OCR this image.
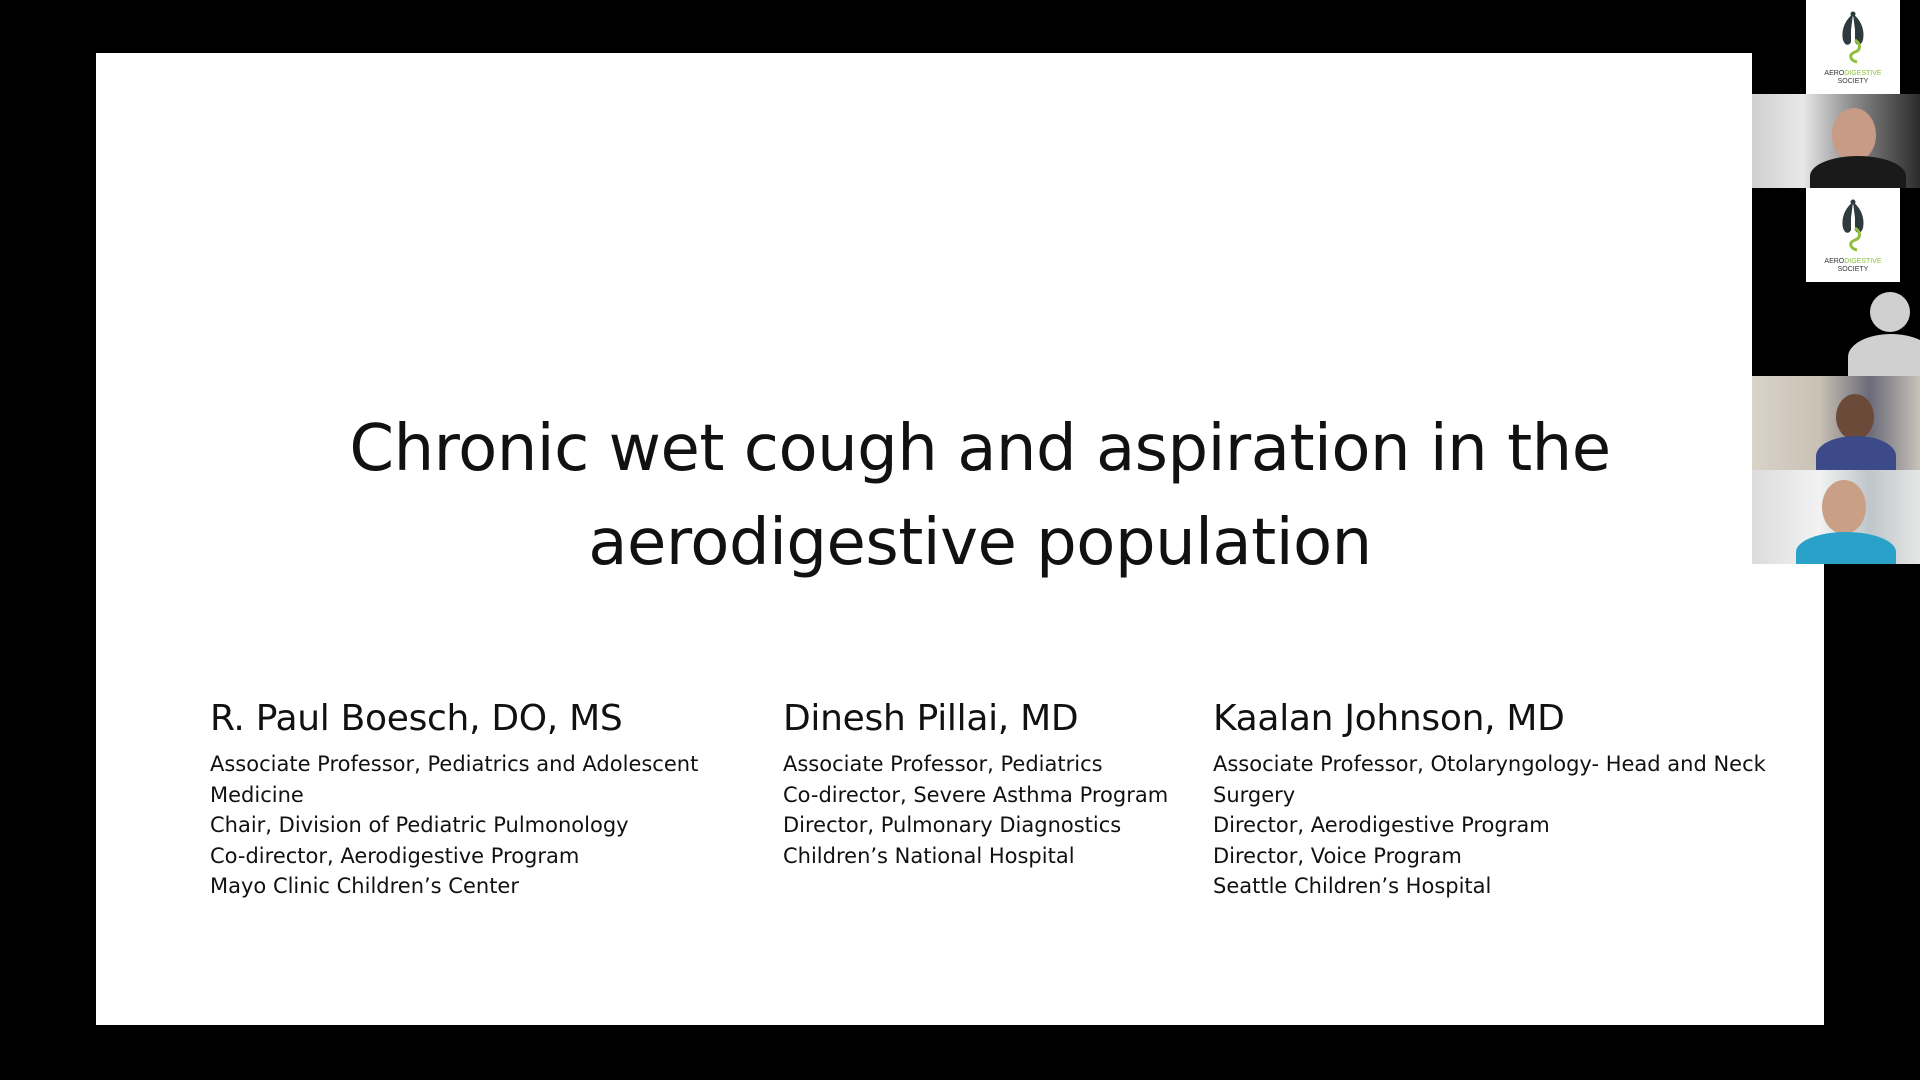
Chronic wet cough and aspiration in the
aerodigestive population
R. Paul Boesch, DO, MS
Associate Professor, Pediatrics and Adolescent
Medicine
Chair, Division of Pediatric Pulmonology
Co-director, Aerodigestive Program
Mayo Clinic Children’s Center
Dinesh Pillai, MD
Associate Professor, Pediatrics
Co-director, Severe Asthma Program
Director, Pulmonary Diagnostics
Children’s National Hospital
Kaalan Johnson, MD
Associate Professor, Otolaryngology- Head and Neck
Surgery
Director, Aerodigestive Program
Director, Voice Program
Seattle Children’s Hospital
AERODIGESTIVE
SOCIETY
AERODIGESTIVE
SOCIETY
